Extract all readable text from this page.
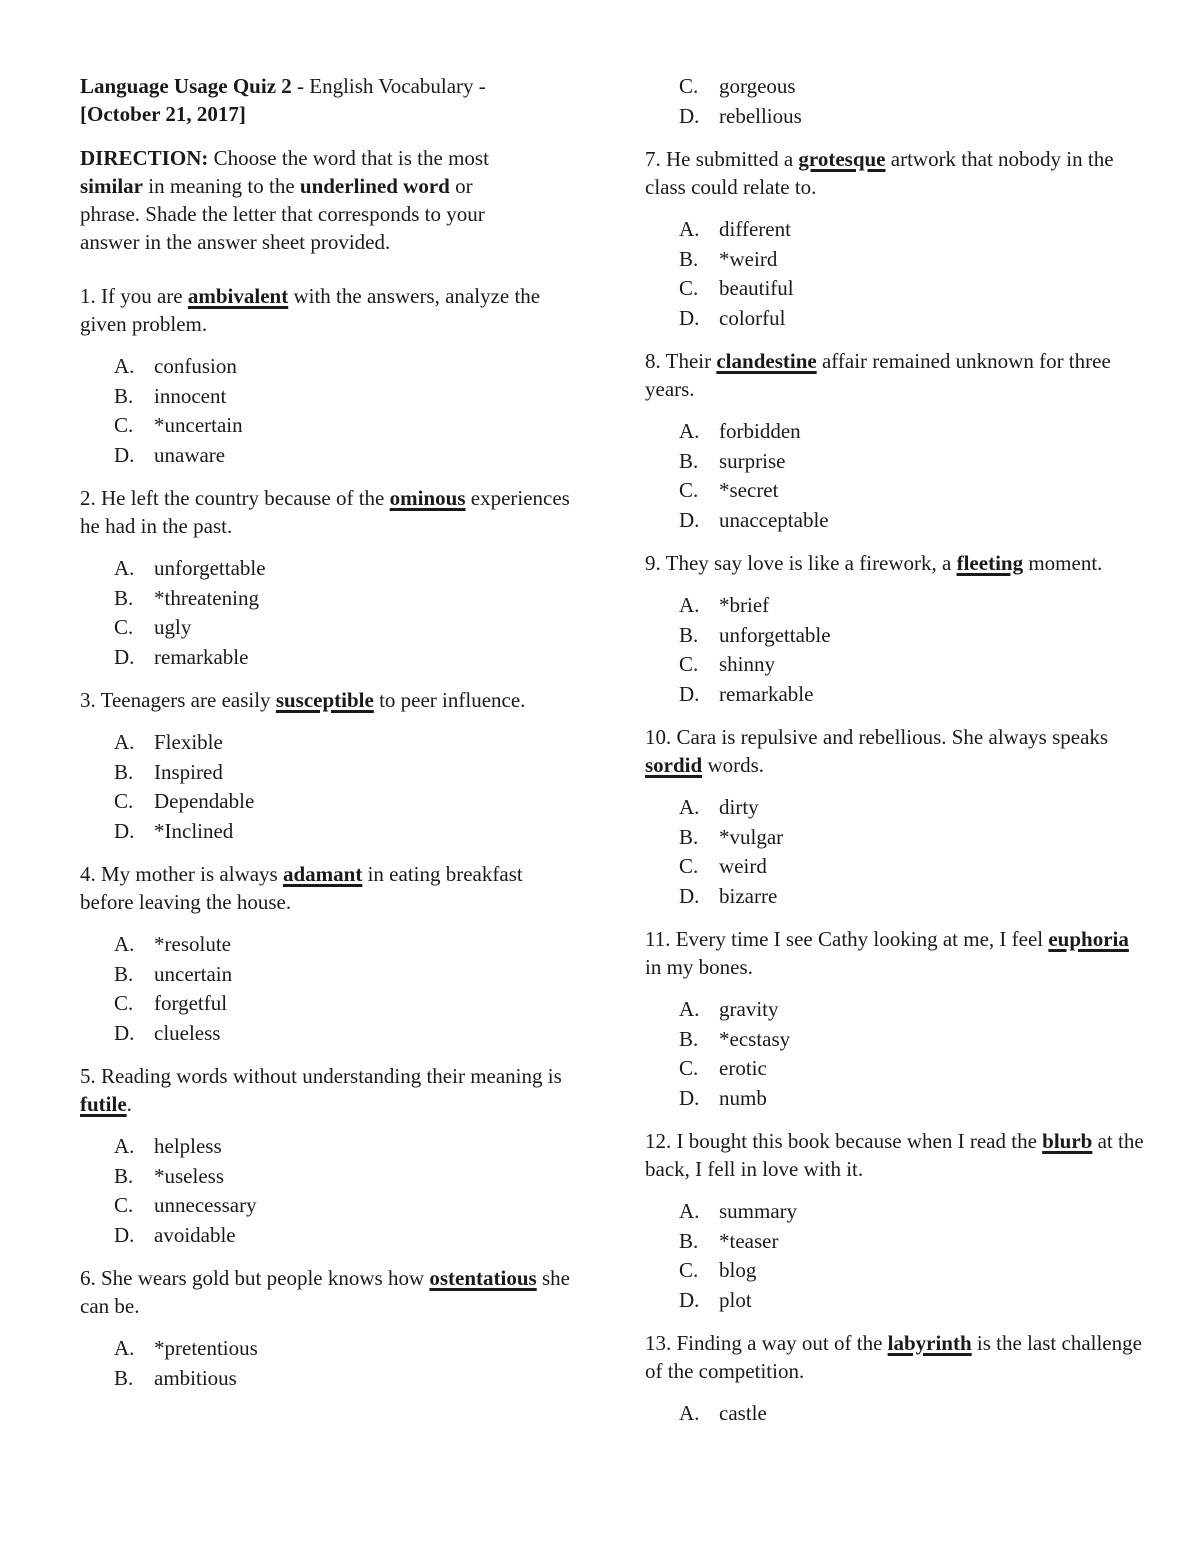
Language Usage Quiz 2 - English Vocabulary -
[October 21, 2017]
DIRECTION: Choose the word that is the most similar in meaning to the underlined word or phrase. Shade the letter that corresponds to your answer in the answer sheet provided.
1. If you are ambivalent with the answers, analyze the given problem.
A. confusion
B. innocent
C. *uncertain
D. unaware
2. He left the country because of the ominous experiences he had in the past.
A. unforgettable
B. *threatening
C. ugly
D. remarkable
3. Teenagers are easily susceptible to peer influence.
A. Flexible
B. Inspired
C. Dependable
D. *Inclined
4. My mother is always adamant in eating breakfast before leaving the house.
A. *resolute
B. uncertain
C. forgetful
D. clueless
5. Reading words without understanding their meaning is futile.
A. helpless
B. *useless
C. unnecessary
D. avoidable
6. She wears gold but people knows how ostentatious she can be.
A. *pretentious
B. ambitious
C. gorgeous
D. rebellious
7. He submitted a grotesque artwork that nobody in the class could relate to.
A. different
B. *weird
C. beautiful
D. colorful
8. Their clandestine affair remained unknown for three years.
A. forbidden
B. surprise
C. *secret
D. unacceptable
9. They say love is like a firework, a fleeting moment.
A. *brief
B. unforgettable
C. shinny
D. remarkable
10. Cara is repulsive and rebellious. She always speaks sordid words.
A. dirty
B. *vulgar
C. weird
D. bizarre
11. Every time I see Cathy looking at me, I feel euphoria in my bones.
A. gravity
B. *ecstasy
C. erotic
D. numb
12. I bought this book because when I read the blurb at the back, I fell in love with it.
A. summary
B. *teaser
C. blog
D. plot
13. Finding a way out of the labyrinth is the last challenge of the competition.
A. castle
